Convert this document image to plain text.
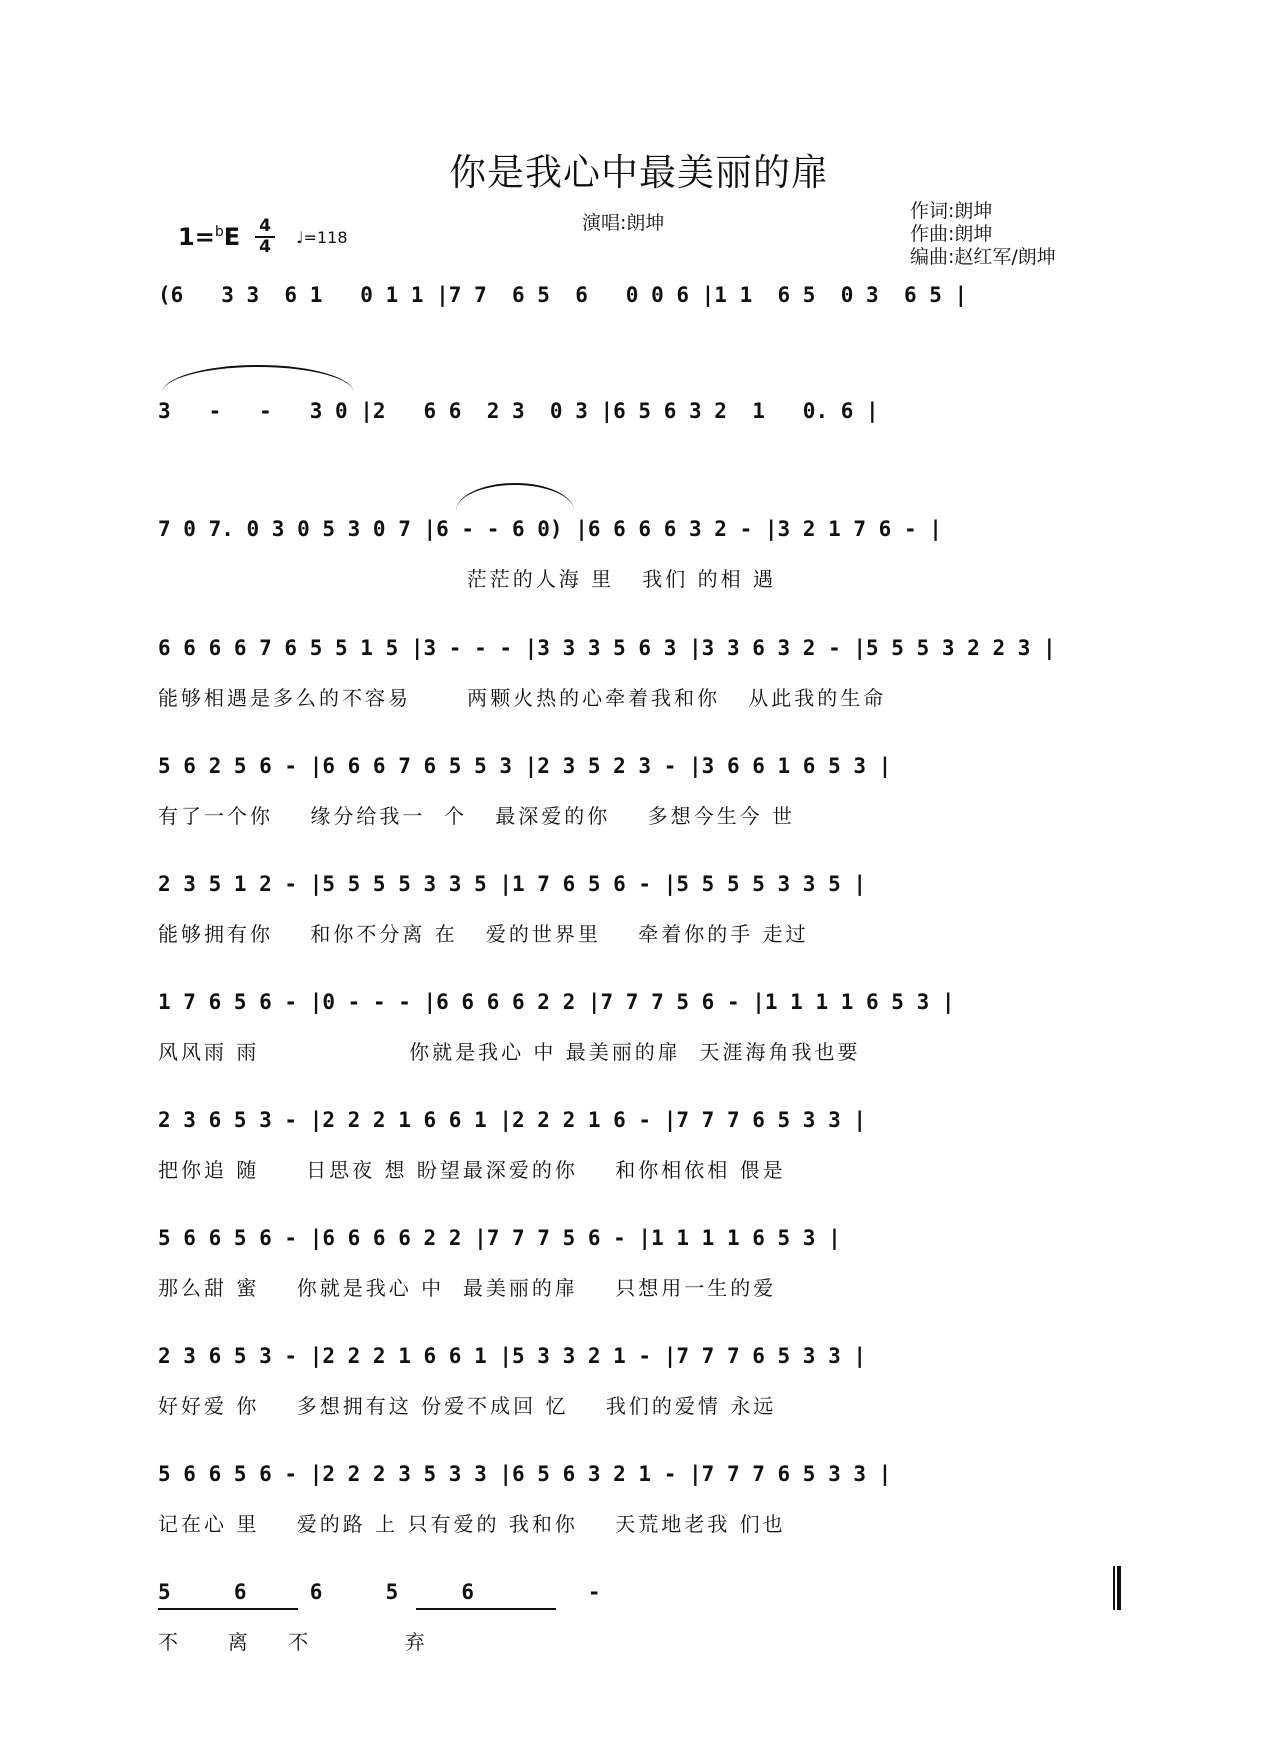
你是我心中最美丽的扉
演唱:朗坤
1=$^b$E 4
4 ♩=118
作词:朗坤
作曲:朗坤
编曲:赵红军/朗坤
(6   3 3  6 1   0 1 1 |7 7  6 5  6   0 0 6 |1 1  6 5  0 3  6 5 |
3   -   -   3 0 |2   6 6  2 3  0 3 |6 5 6 3 2  1   0. 6 |
7 0 7. 0 3 0 5 3 0 7 |6 - - 6 0) |6 6 6 6 3 2 - |3 2 1 7 6 - |
茫茫的人海 里   我们 的相 遇
6 6 6 6 7 6 5 5 1 5 |3 - - - |3 3 3 5 6 3 |3 3 6 3 2 - |5 5 5 3 2 2 3 |
能够相遇是多么的不容易      两颗火热的心牵着我和你   从此我的生命
5 6 2 5 6 - |6 6 6 7 6 5 5 3 |2 3 5 2 3 - |3 6 6 1 6 5 3 |
有了一个你    缘分给我一  个   最深爱的你    多想今生今 世
2 3 5 1 2 - |5 5 5 5 3 3 5 |1 7 6 5 6 - |5 5 5 5 3 3 5 |
能够拥有你    和你不分离 在   爱的世界里    牵着你的手 走过
1 7 6 5 6 - |0 - - - |6 6 6 6 2 2 |7 7 7 5 6 - |1 1 1 1 6 5 3 |
风风雨 雨                你就是我心 中 最美丽的扉  天涯海角我也要
2 3 6 5 3 - |2 2 2 1 6 6 1 |2 2 2 1 6 - |7 7 7 6 5 3 3 |
把你追 随     日思夜 想 盼望最深爱的你    和你相依相 偎是
5 6 6 5 6 - |6 6 6 6 2 2 |7 7 7 5 6 - |1 1 1 1 6 5 3 |
那么甜 蜜    你就是我心 中  最美丽的扉    只想用一生的爱
2 3 6 5 3 - |2 2 2 1 6 6 1 |5 3 3 2 1 - |7 7 7 6 5 3 3 |
好好爱 你    多想拥有这 份爱不成回 忆    我们的爱情 永远
5 6 6 5 6 - |2 2 2 3 5 3 3 |6 5 6 3 2 1 - |7 7 7 6 5 3 3 |
记在心 里    爱的路 上 只有爱的 我和你    天荒地老我 们也
5     6     6     5     6         -
不     离    不          弃
